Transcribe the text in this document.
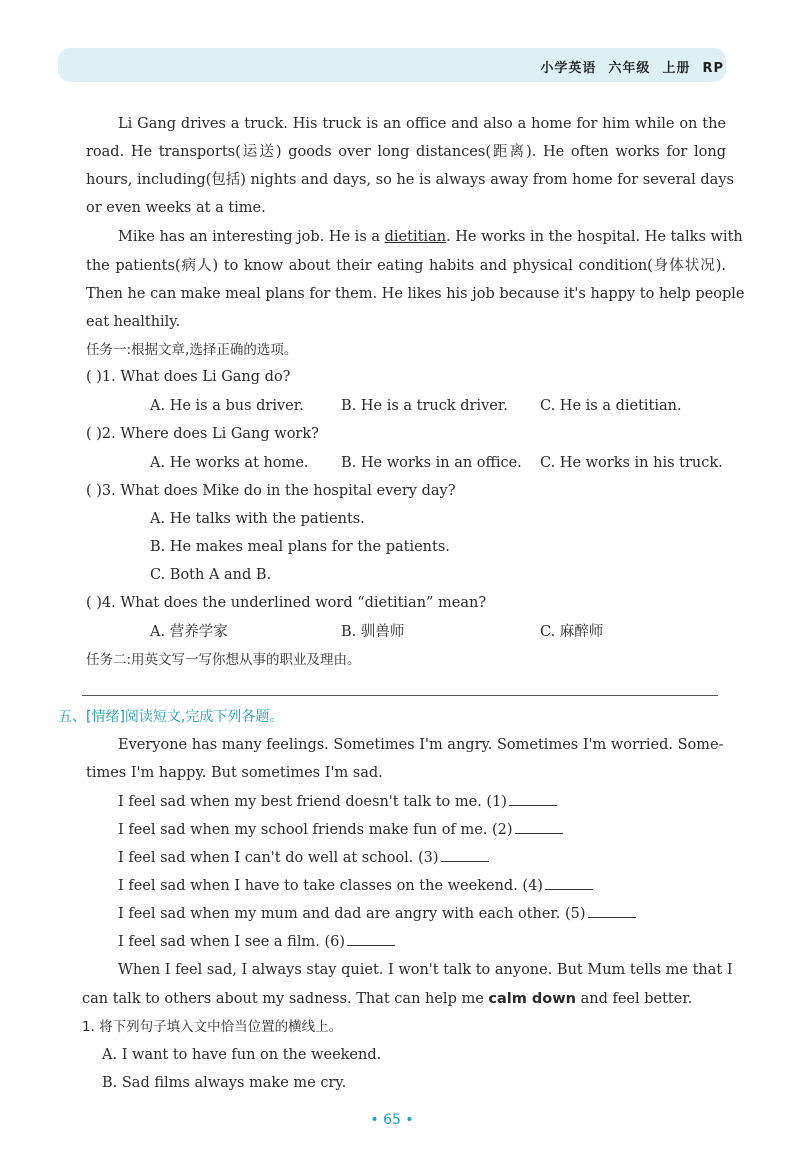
小学英语 六年级 上册 RP
Li Gang drives a truck. His truck is an office and also a home for him while on the
road. He transports(运送) goods over long distances(距离). He often works for long
hours, including(包括) nights and days, so he is always away from home for several days
or even weeks at a time.
Mike has an interesting job. He is a dietitian. He works in the hospital. He talks with
the patients(病人) to know about their eating habits and physical condition(身体状况).
Then he can make meal plans for them. He likes his job because it's happy to help people
eat healthily.
任务一:根据文章,选择正确的选项。
( )1. What does Li Gang do?
A. He is a bus driver.	B. He is a truck driver. C. He is a dietitian.
( )2. Where does Li Gang work?
A. He works at home. B. He works in an office. C. He works in his truck.
( )3. What does Mike do in the hospital every day?
A. He talks with the patients.
B. He makes meal plans for the patients.
C. Both A and B.
( )4. What does the underlined word “dietitian” mean?
A. 营养学家	B. 驯兽师	C. 麻醉师
任务二:用英文写一写你想从事的职业及理由。
五、[情绪]阅读短文,完成下列各题。
Everyone has many feelings. Sometimes I'm angry. Sometimes I'm worried. Some-
times I'm happy. But sometimes I'm sad.
I feel sad when my best friend doesn't talk to me. (1)
I feel sad when my school friends make fun of me. (2)
I feel sad when I can't do well at school. (3)
I feel sad when I have to take classes on the weekend. (4)
I feel sad when my mum and dad are angry with each other. (5)
I feel sad when I see a film. (6)
When I feel sad, I always stay quiet. I won't talk to anyone. But Mum tells me that I
can talk to others about my sadness. That can help me calm down and feel better.
1. 将下列句子填入文中恰当位置的横线上。
A. I want to have fun on the weekend.
B. Sad films always make me cry.
• 65 •
